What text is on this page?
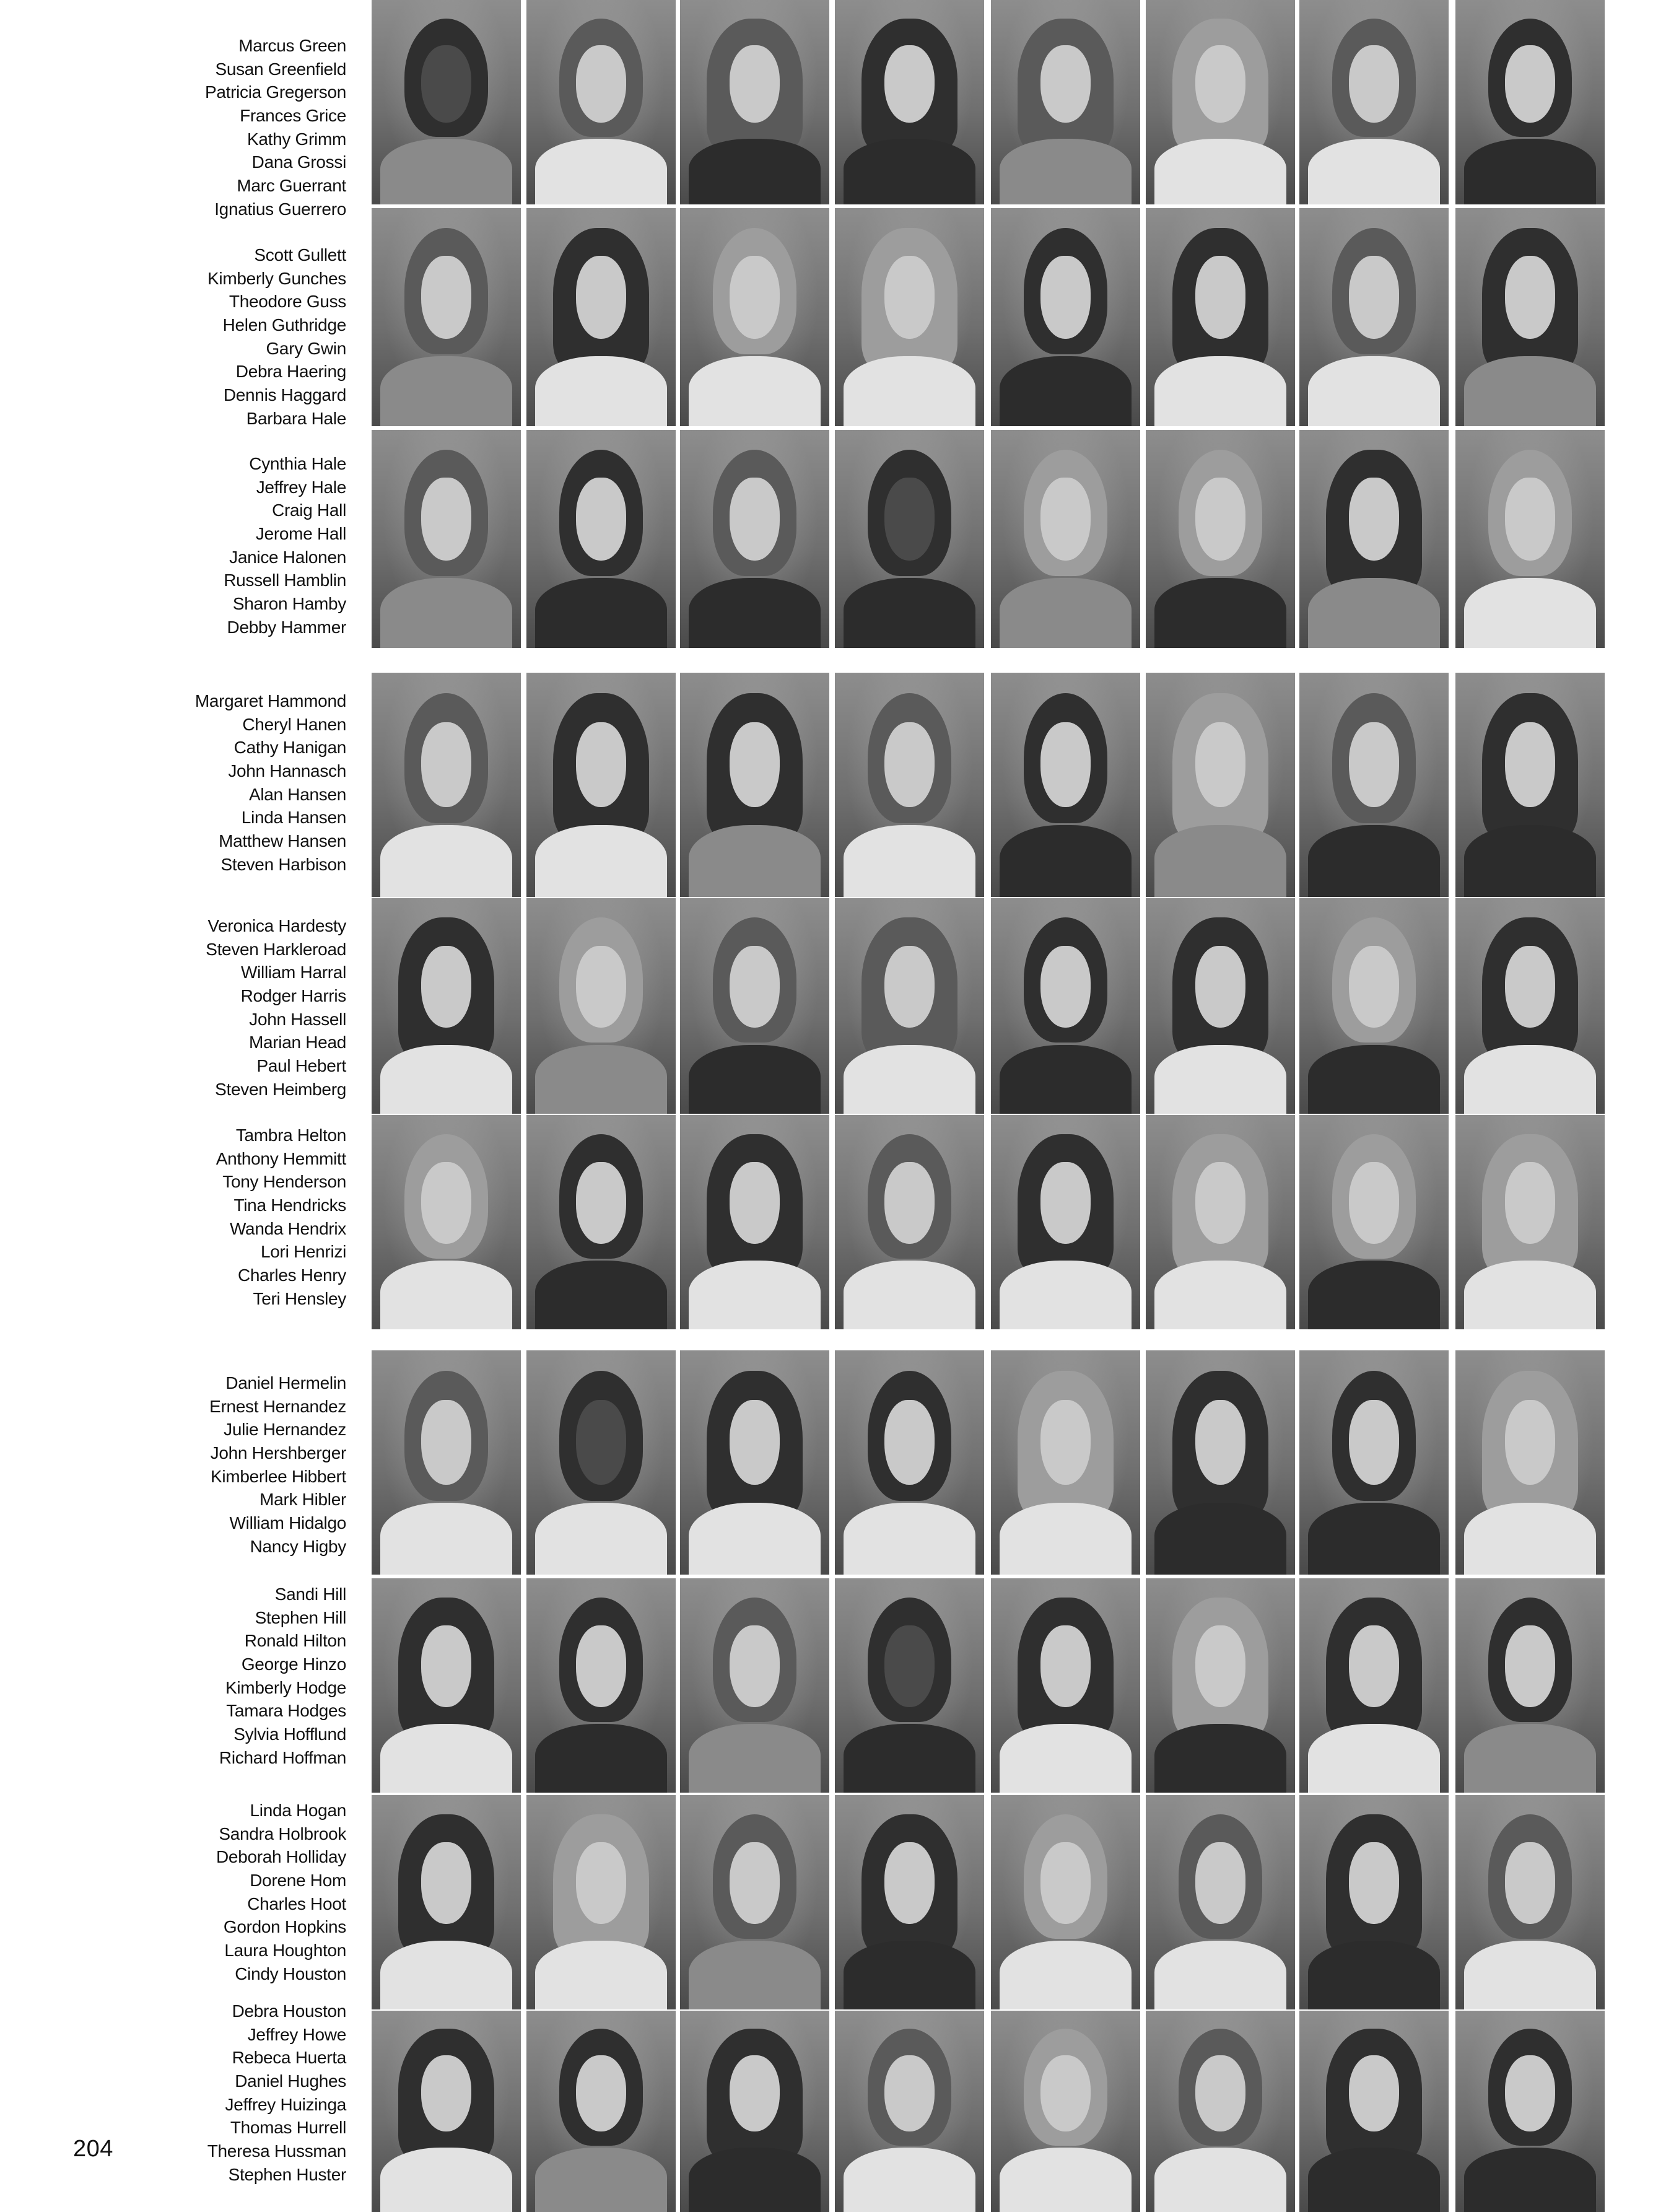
Marcus Green
Susan Greenfield
Patricia Gregerson
Frances Grice
Kathy Grimm
Dana Grossi
Marc Guerrant
Ignatius Guerrero
Scott Gullett
Kimberly Gunches
Theodore Guss
Helen Guthridge
Gary Gwin
Debra Haering
Dennis Haggard
Barbara Hale
Cynthia Hale
Jeffrey Hale
Craig Hall
Jerome Hall
Janice Halonen
Russell Hamblin
Sharon Hamby
Debby Hammer
Margaret Hammond
Cheryl Hanen
Cathy Hanigan
John Hannasch
Alan Hansen
Linda Hansen
Matthew Hansen
Steven Harbison
Veronica Hardesty
Steven Harkleroad
William Harral
Rodger Harris
John Hassell
Marian Head
Paul Hebert
Steven Heimberg
Tambra Helton
Anthony Hemmitt
Tony Henderson
Tina Hendricks
Wanda Hendrix
Lori Henrizi
Charles Henry
Teri Hensley
Daniel Hermelin
Ernest Hernandez
Julie Hernandez
John Hershberger
Kimberlee Hibbert
Mark Hibler
William Hidalgo
Nancy Higby
Sandi Hill
Stephen Hill
Ronald Hilton
George Hinzo
Kimberly Hodge
Tamara Hodges
Sylvia Hofflund
Richard Hoffman
Linda Hogan
Sandra Holbrook
Deborah Holliday
Dorene Hom
Charles Hoot
Gordon Hopkins
Laura Houghton
Cindy Houston
Debra Houston
Jeffrey Howe
Rebeca Huerta
Daniel Hughes
Jeffrey Huizinga
Thomas Hurrell
Theresa Hussman
Stephen Huster
204
